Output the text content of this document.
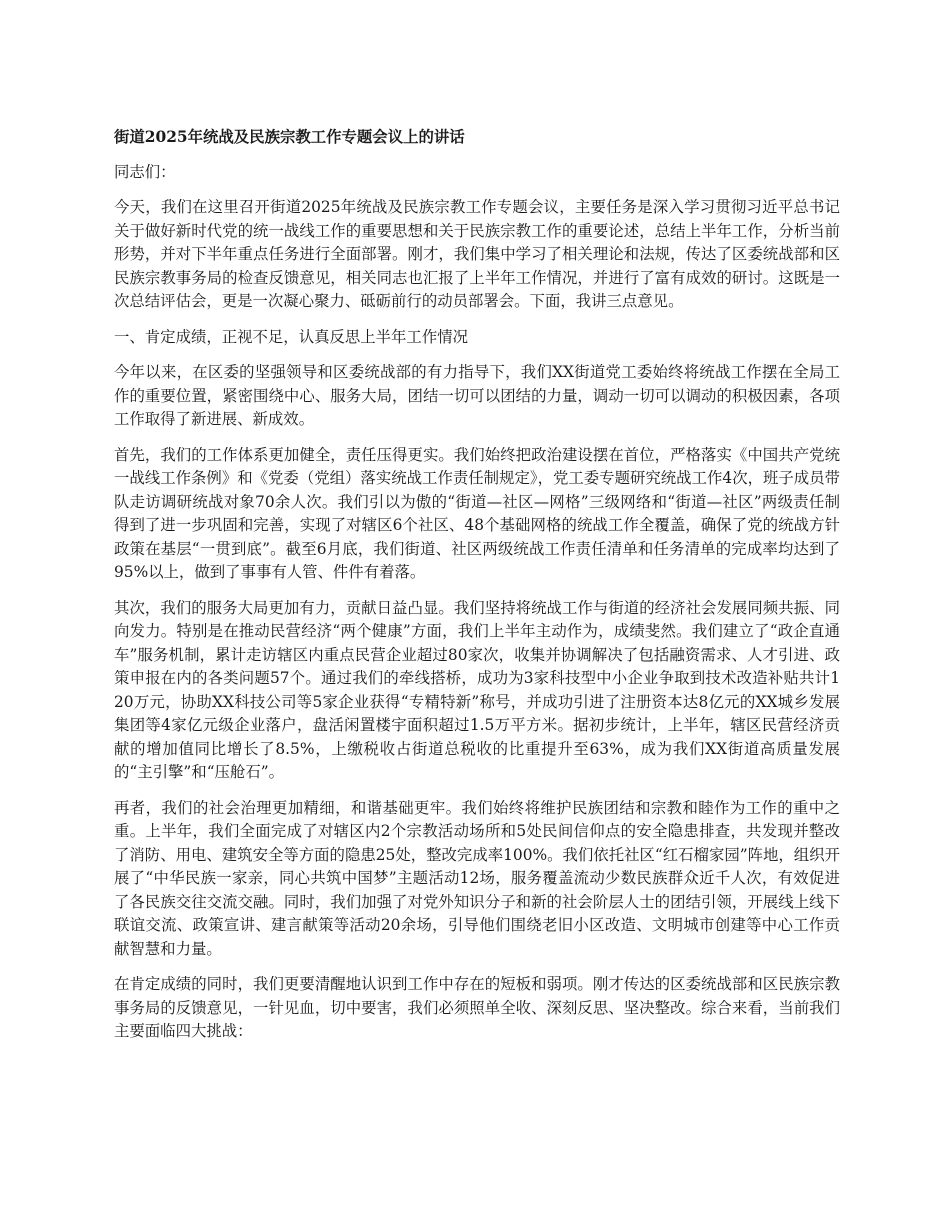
街道2025年统战及民族宗教工作专题会议上的讲话

同志们：

今天，我们在这里召开街道2025年统战及民族宗教工作专题会议，主要任务是深入学习贯彻习近平总书记关于做好新时代党的统一战线工作的重要思想和关于民族宗教工作的重要论述，总结上半年工作，分析当前形势，并对下半年重点任务进行全面部署。刚才，我们集中学习了相关理论和法规，传达了区委统战部和区民族宗教事务局的检查反馈意见，相关同志也汇报了上半年工作情况，并进行了富有成效的研讨。这既是一次总结评估会，更是一次凝心聚力、砥砺前行的动员部署会。下面，我讲三点意见。

一、肯定成绩，正视不足，认真反思上半年工作情况

今年以来，在区委的坚强领导和区委统战部的有力指导下，我们XX街道党工委始终将统战工作摆在全局工作的重要位置，紧密围绕中心、服务大局，团结一切可以团结的力量，调动一切可以调动的积极因素，各项工作取得了新进展、新成效。

首先，我们的工作体系更加健全，责任压得更实。我们始终把政治建设摆在首位，严格落实《中国共产党统一战线工作条例》和《党委（党组）落实统战工作责任制规定》，党工委专题研究统战工作4次，班子成员带队走访调研统战对象70余人次。我们引以为傲的“街道—社区—网格”三级网络和“街道—社区”两级责任制得到了进一步巩固和完善，实现了对辖区6个社区、48个基础网格的统战工作全覆盖，确保了党的统战方针政策在基层“一贯到底”。截至6月底，我们街道、社区两级统战工作责任清单和任务清单的完成率均达到了95%以上，做到了事事有人管、件件有着落。

其次，我们的服务大局更加有力，贡献日益凸显。我们坚持将统战工作与街道的经济社会发展同频共振、同向发力。特别是在推动民营经济“两个健康”方面，我们上半年主动作为，成绩斐然。我们建立了“政企直通车”服务机制，累计走访辖区内重点民营企业超过80家次，收集并协调解决了包括融资需求、人才引进、政策申报在内的各类问题57个。通过我们的牵线搭桥，成功为3家科技型中小企业争取到技术改造补贴共计120万元，协助XX科技公司等5家企业获得“专精特新”称号，并成功引进了注册资本达8亿元的XX城乡发展集团等4家亿元级企业落户，盘活闲置楼宇面积超过1.5万平方米。据初步统计，上半年，辖区民营经济贡献的增加值同比增长了8.5%，上缴税收占街道总税收的比重提升至63%，成为我们XX街道高质量发展的“主引擎”和“压舱石”。

再者，我们的社会治理更加精细，和谐基础更牢。我们始终将维护民族团结和宗教和睦作为工作的重中之重。上半年，我们全面完成了对辖区内2个宗教活动场所和5处民间信仰点的安全隐患排查，共发现并整改了消防、用电、建筑安全等方面的隐患25处，整改完成率100%。我们依托社区“红石榴家园”阵地，组织开展了“中华民族一家亲，同心共筑中国梦”主题活动12场，服务覆盖流动少数民族群众近千人次，有效促进了各民族交往交流交融。同时，我们加强了对党外知识分子和新的社会阶层人士的团结引领，开展线上线下联谊交流、政策宣讲、建言献策等活动20余场，引导他们围绕老旧小区改造、文明城市创建等中心工作贡献智慧和力量。

在肯定成绩的同时，我们更要清醒地认识到工作中存在的短板和弱项。刚才传达的区委统战部和区民族宗教事务局的反馈意见，一针见血，切中要害，我们必须照单全收、深刻反思、坚决整改。综合来看，当前我们主要面临四大挑战：
